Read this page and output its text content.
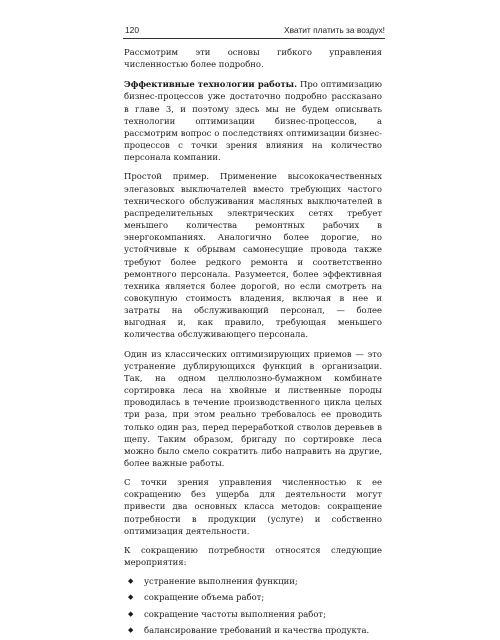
120	Хватит платить за воздух!

Рассмотрим эти основы гибкого управления численностью более подробно.

Эффективные технологии работы. Про оптимизацию бизнес-процессов уже достаточно подробно рассказано в главе 3, и поэтому здесь мы не будем описывать технологии оптимизации бизнес-процессов, а рассмотрим вопрос о последствиях оптимизации бизнес-процессов с точки зрения влияния на количество персонала компании.

Простой пример. Применение высококачественных элегазовых выключателей вместо требующих частого технического обслуживания масляных выключателей в распределительных электрических сетях требует меньшего количества ремонтных рабочих в энергокомпаниях. Аналогично более дорогие, но устойчивые к обрывам самонесущие провода также требуют более редкого ремонта и соответственно ремонтного персонала. Разумеется, более эффективная техника является более дорогой, но если смотреть на совокупную стоимость владения, включая в нее и затраты на обслуживающий персонал, — более выгодная и, как правило, требующая меньшего количества обслуживающего персонала.

Один из классических оптимизирующих приемов — это устранение дублирующихся функций в организации. Так, на одном целлюлозно-бумажном комбинате сортировка леса на хвойные и лиственные породы проводилась в течение производственного цикла целых три раза, при этом реально требовалось ее проводить только один раз, перед переработкой стволов деревьев в щепу. Таким образом, бригаду по сортировке леса можно было смело сократить либо направить на другие, более важные работы.

С точки зрения управления численностью к ее сокращению без ущерба для деятельности могут привести два основных класса методов: сокращение потребности в продукции (услуге) и собственно оптимизация деятельности.

К сокращению потребности относятся следующие мероприятия:

◆ устранение выполнения функции;
◆ сокращение объема работ;
◆ сокращение частоты выполнения работ;
◆ балансирование требований и качества продукта.
